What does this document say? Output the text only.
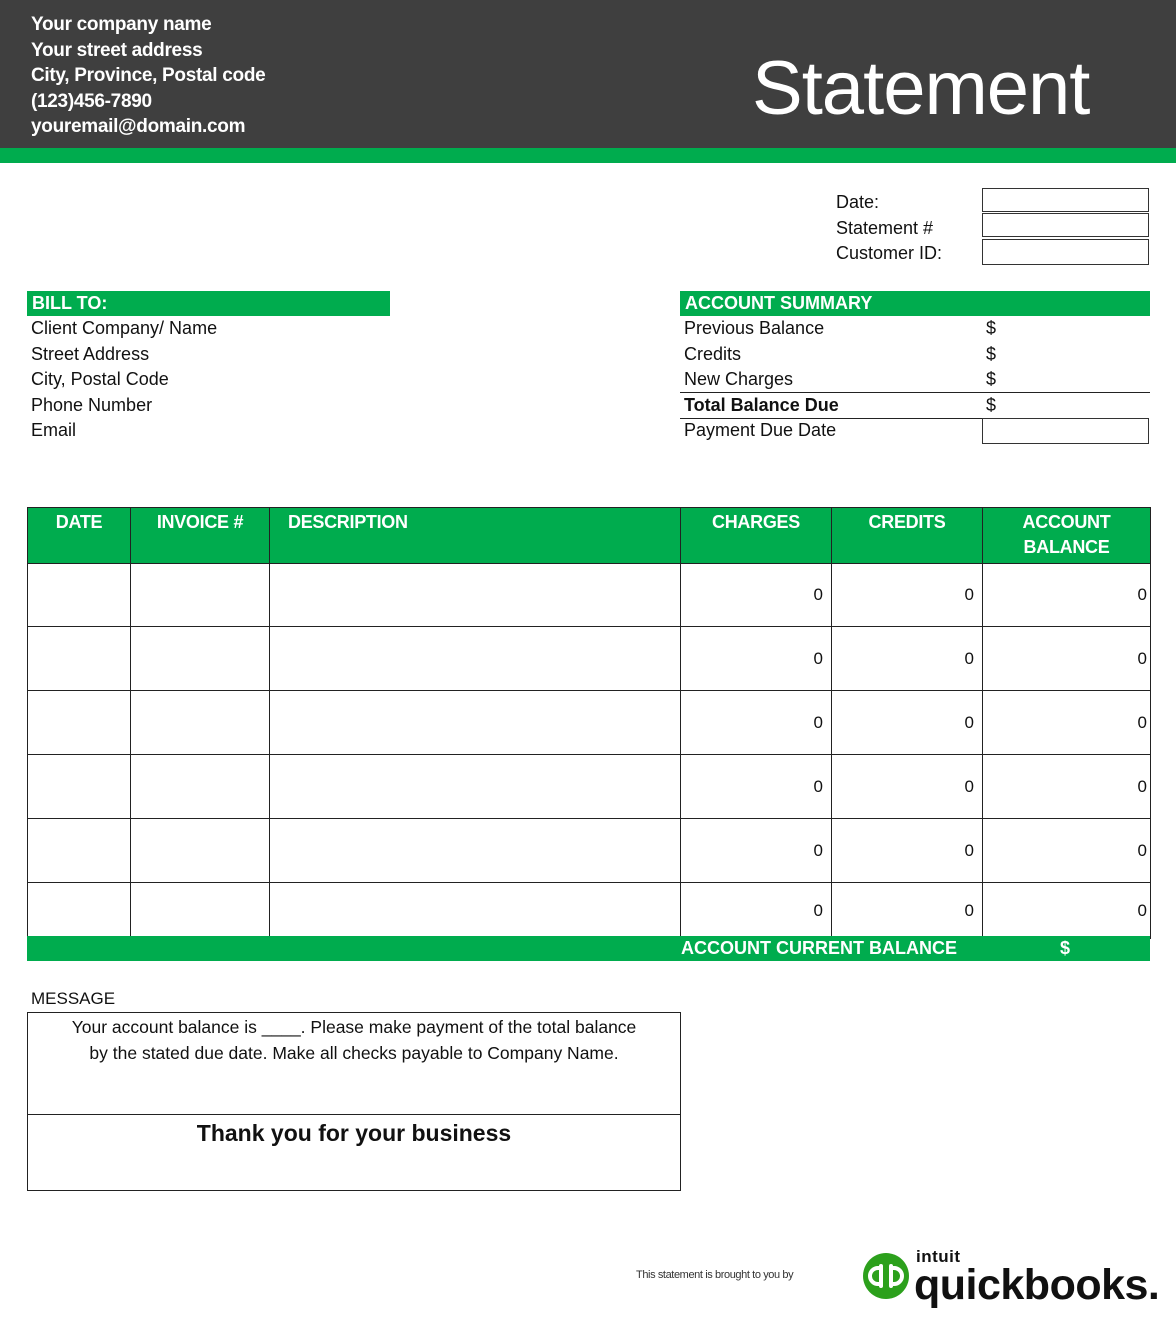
Your company name
Your street address
City, Province, Postal code
(123)456-7890
youremail@domain.com	Statement
Date:
Statement #
Customer ID:
BILL TO:
Client Company/ Name
Street Address
City, Postal Code
Phone Number
Email
ACCOUNT SUMMARY
Previous Balance	$
Credits	$
New Charges	$
Total Balance Due	$
Payment Due Date
DATE	INVOICE #	DESCRIPTION	CHARGES	CREDITS	ACCOUNT
BALANCE

			0	0	0
			0	0	0
			0	0	0
			0	0	0
			0	0	0
			0	0	0
ACCOUNT CURRENT BALANCE	$
MESSAGE
Your account balance is ____. Please make payment of the total balance
by the stated due date. Make all checks payable to Company Name.
Thank you for your business
This statement is brought to you by
intuit
quickbooks.
